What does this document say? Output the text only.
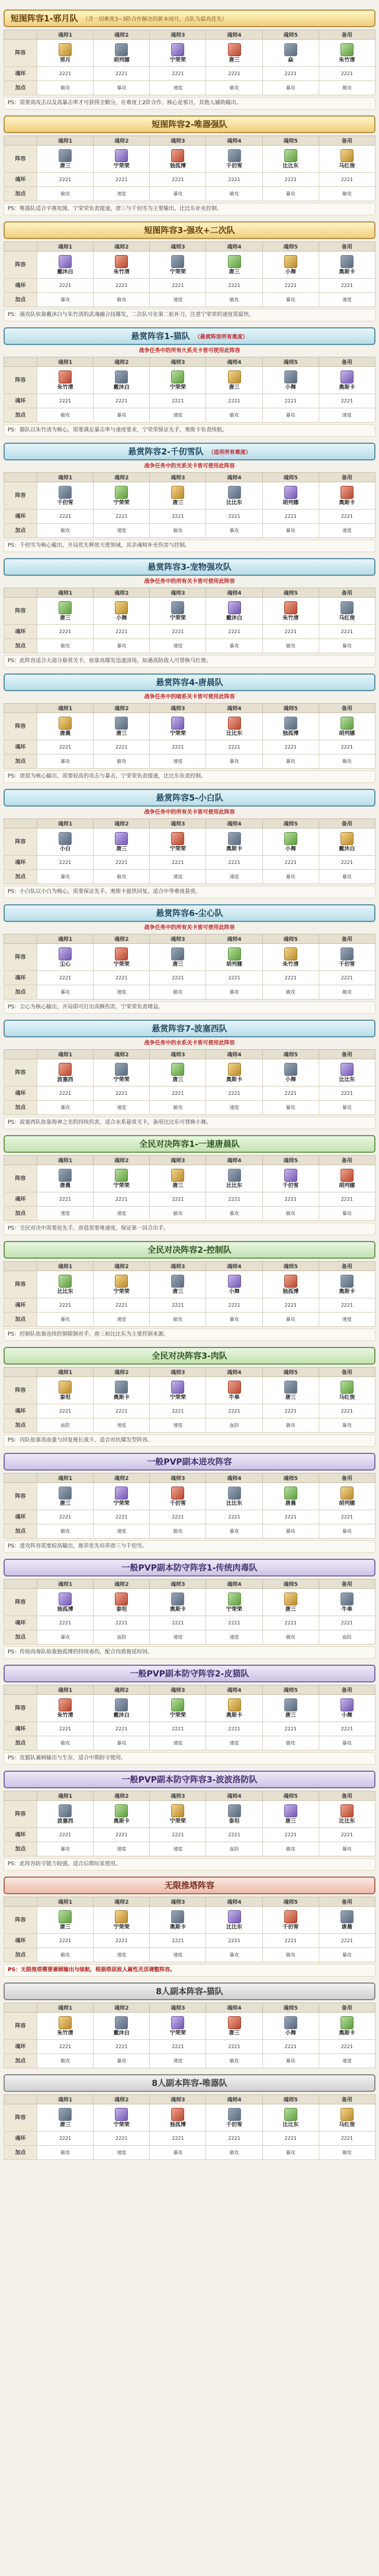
短图阵容1-邪月队 （含一切难度3~3阶合作解决的新本雨月，点队为最高优先）
	魂师1	魂师2	魂师3	魂师4	魂师5	备用
阵容	邪月	胡列娜	宁荣荣	唐三	焱	朱竹清

魂环	2221	2221	2221	2221	2221	2221
加点	敏攻	暴攻	速度	敏攻	暴攻	敏攻
PS：需要高攻击以及高暴击率才可获得全勤分，在难度上2阶合作。核心是邪月，其他人辅助输出。
短图阵容2-唯器强队
	魂师1	魂师2	魂师3	魂师4	魂师5	备用
阵容	唐三	宁荣荣	独孤博	千仞雪	比比东	马红俊

魂环	2221	2221	2221	2221	2221	2221
加点	敏攻	速度	暴攻	敏攻	暴攻	敏攻
PS：唯器队适合平推短图，宁荣荣负责提速，唐三与千仞雪为主要输出，比比东补充控制。
短图阵容3-强攻+二次队
	魂师1	魂师2	魂师3	魂师4	魂师5	备用
阵容	戴沐白	朱竹清	宁荣荣	唐三	小舞	奥斯卡

魂环	2221	2221	2221	2221	2221	2221
加点	暴攻	敏攻	速度	敏攻	暴攻	速度
PS：强攻队依靠戴沐白与朱竹清的武魂融合技爆发，二次队可在第二轮补刀，注意宁荣荣的速度需最快。
悬赏阵容1-猫队 （悬赏阵容所有难度）
战争任务中的所有火系关卡皆可使用此阵容
	魂师1	魂师2	魂师3	魂师4	魂师5	备用
阵容	朱竹清	戴沐白	宁荣荣	唐三	小舞	奥斯卡

魂环	2221	2221	2221	2221	2221	2221
加点	敏攻	暴攻	速度	敏攻	暴攻	速度
PS：猫队以朱竹清为核心，需要满足暴击率与速度要求，宁荣荣保证先手，奥斯卡负责续航。
悬赏阵容2-千仞雪队 （适用所有难度）
战争任务中的光系关卡皆可使用此阵容
	魂师1	魂师2	魂师3	魂师4	魂师5	备用
阵容	千仞雪	宁荣荣	唐三	比比东	胡列娜	奥斯卡

魂环	2221	2221	2221	2221	2221	2221
加点	敏攻	速度	敏攻	暴攻	暴攻	速度
PS：千仞雪为核心输出，开局优先释放天使领域，其余魂师补充伤害与控制。
悬赏阵容3-宠物强攻队
战争任务中的所有关卡皆可使用此阵容
	魂师1	魂师2	魂师3	魂师4	魂师5	备用
阵容	唐三	小舞	宁荣荣	戴沐白	朱竹清	马红俊

魂环	2221	2221	2221	2221	2221	2221
加点	敏攻	暴攻	速度	暴攻	敏攻	暴攻
PS：此阵容适合大部分悬赏关卡，依靠高爆发迅速清场，如遇高防敌人可替换马红俊。
悬赏阵容4-唐晨队
战争任务中的暗系关卡皆可使用此阵容
	魂师1	魂师2	魂师3	魂师4	魂师5	备用
阵容	唐晨	唐三	宁荣荣	比比东	独孤博	胡列娜

魂环	2221	2221	2221	2221	2221	2221
加点	暴攻	敏攻	速度	暴攻	暴攻	敏攻
PS：唐晨为核心输出，需要较高的攻击与暴击，宁荣荣负责提速，比比东负责控制。
悬赏阵容5-小白队
战争任务中的所有关卡皆可使用此阵容
	魂师1	魂师2	魂师3	魂师4	魂师5	备用
阵容	小白	唐三	宁荣荣	奥斯卡	小舞	戴沐白

魂环	2221	2221	2221	2221	2221	2221
加点	暴攻	敏攻	速度	速度	暴攻	暴攻
PS：小白队以小白为核心，需要保证先手，奥斯卡提供回复，适合中等难度悬赏。
悬赏阵容6-尘心队
战争任务中的所有关卡皆可使用此阵容
	魂师1	魂师2	魂师3	魂师4	魂师5	备用
阵容	尘心	宁荣荣	唐三	胡列娜	朱竹清	千仞雪

魂环	2221	2221	2221	2221	2221	2221
加点	暴攻	速度	敏攻	暴攻	敏攻	敏攻
PS：尘心为核心输出，开局即可打出高额伤害，宁荣荣负责增益。
悬赏阵容7-波塞西队
战争任务中的水系关卡皆可使用此阵容
	魂师1	魂师2	魂师3	魂师4	魂师5	备用
阵容	波塞西	宁荣荣	唐三	奥斯卡	小舞	比比东

魂环	2221	2221	2221	2221	2221	2221
加点	暴攻	速度	敏攻	速度	暴攻	暴攻
PS：波塞西队依靠海神之光的持续伤害，适合水系悬赏关卡，备用比比东可替换小舞。
全民对决阵容1-一速唐晨队
	魂师1	魂师2	魂师3	魂师4	魂师5	备用
阵容	唐晨	宁荣荣	唐三	比比东	千仞雪	胡列娜

魂环	2221	2221	2221	2221	2221	2221
加点	速度	速度	敏攻	暴攻	敏攻	暴攻
PS：全民对决中需要抢先手，唐晨需要堆速度，保证第一回合出手。
全民对决阵容2-控制队
	魂师1	魂师2	魂师3	魂师4	魂师5	备用
阵容	比比东	宁荣荣	唐三	小舞	独孤博	奥斯卡

魂环	2221	2221	2221	2221	2221	2221
加点	暴攻	速度	敏攻	暴攻	暴攻	速度
PS：控制队依靠连续控制限制对手，唐三和比比东为主要控制来源。
全民对决阵容3-肉队
	魂师1	魂师2	魂师3	魂师4	魂师5	备用
阵容	泰坦	奥斯卡	宁荣荣	牛皋	唐三	马红俊

魂环	2221	2221	2221	2221	2221	2221
加点	血防	速度	速度	血防	敏攻	暴攻
PS：肉队依靠高血量与回复拖长战斗，适合对抗爆发型阵容。
一般PVP副本进攻阵容
	魂师1	魂师2	魂师3	魂师4	魂师5	备用
阵容	唐三	宁荣荣	千仞雪	比比东	唐晨	胡列娜

魂环	2221	2221	2221	2221	2221	2221
加点	敏攻	速度	敏攻	暴攻	暴攻	暴攻
PS：进攻阵容需要较高输出，推荐优先培养唐三与千仞雪。
一般PVP副本防守阵容1-传统肉毒队
	魂师1	魂师2	魂师3	魂师4	魂师5	备用
阵容	独孤博	泰坦	奥斯卡	宁荣荣	唐三	牛皋

魂环	2221	2221	2221	2221	2221	2221
加点	暴攻	血防	速度	速度	敏攻	血防
PS：传统肉毒队依靠独孤博的持续毒伤，配合肉盾拖延时间。
一般PVP副本防守阵容2-皮猫队
	魂师1	魂师2	魂师3	魂师4	魂师5	备用
阵容	朱竹清	戴沐白	宁荣荣	奥斯卡	唐三	小舞

魂环	2221	2221	2221	2221	2221	2221
加点	敏攻	暴攻	速度	速度	敏攻	暴攻
PS：皮猫队兼顾输出与生存，适合中期防守使用。
一般PVP副本防守阵容3-波波洛防队
	魂师1	魂师2	魂师3	魂师4	魂师5	备用
阵容	波塞西	奥斯卡	宁荣荣	泰坦	唐三	比比东

魂环	2221	2221	2221	2221	2221	2221
加点	暴攻	速度	速度	血防	敏攻	暴攻
PS：此阵容防守能力较强，适合后期玩家使用。
无限推塔阵容
	魂师1	魂师2	魂师3	魂师4	魂师5	备用
阵容	唐三	宁荣荣	奥斯卡	比比东	千仞雪	唐晨

魂环	2221	2221	2221	2221	2221	2221
加点	敏攻	速度	速度	暴攻	敏攻	暴攻
PS：无限推塔需要兼顾输出与续航，根据塔层敌人属性灵活调整阵容。
8人副本阵容-猫队
	魂师1	魂师2	魂师3	魂师4	魂师5	备用
阵容	朱竹清	戴沐白	宁荣荣	唐三	小舞	奥斯卡

魂环	2221	2221	2221	2221	2221	2221
加点	敏攻	暴攻	速度	敏攻	暴攻	速度
8人副本阵容-唯器队
	魂师1	魂师2	魂师3	魂师4	魂师5	备用
阵容	唐三	宁荣荣	独孤博	千仞雪	比比东	马红俊

魂环	2221	2221	2221	2221	2221	2221
加点	敏攻	速度	暴攻	敏攻	暴攻	敏攻
